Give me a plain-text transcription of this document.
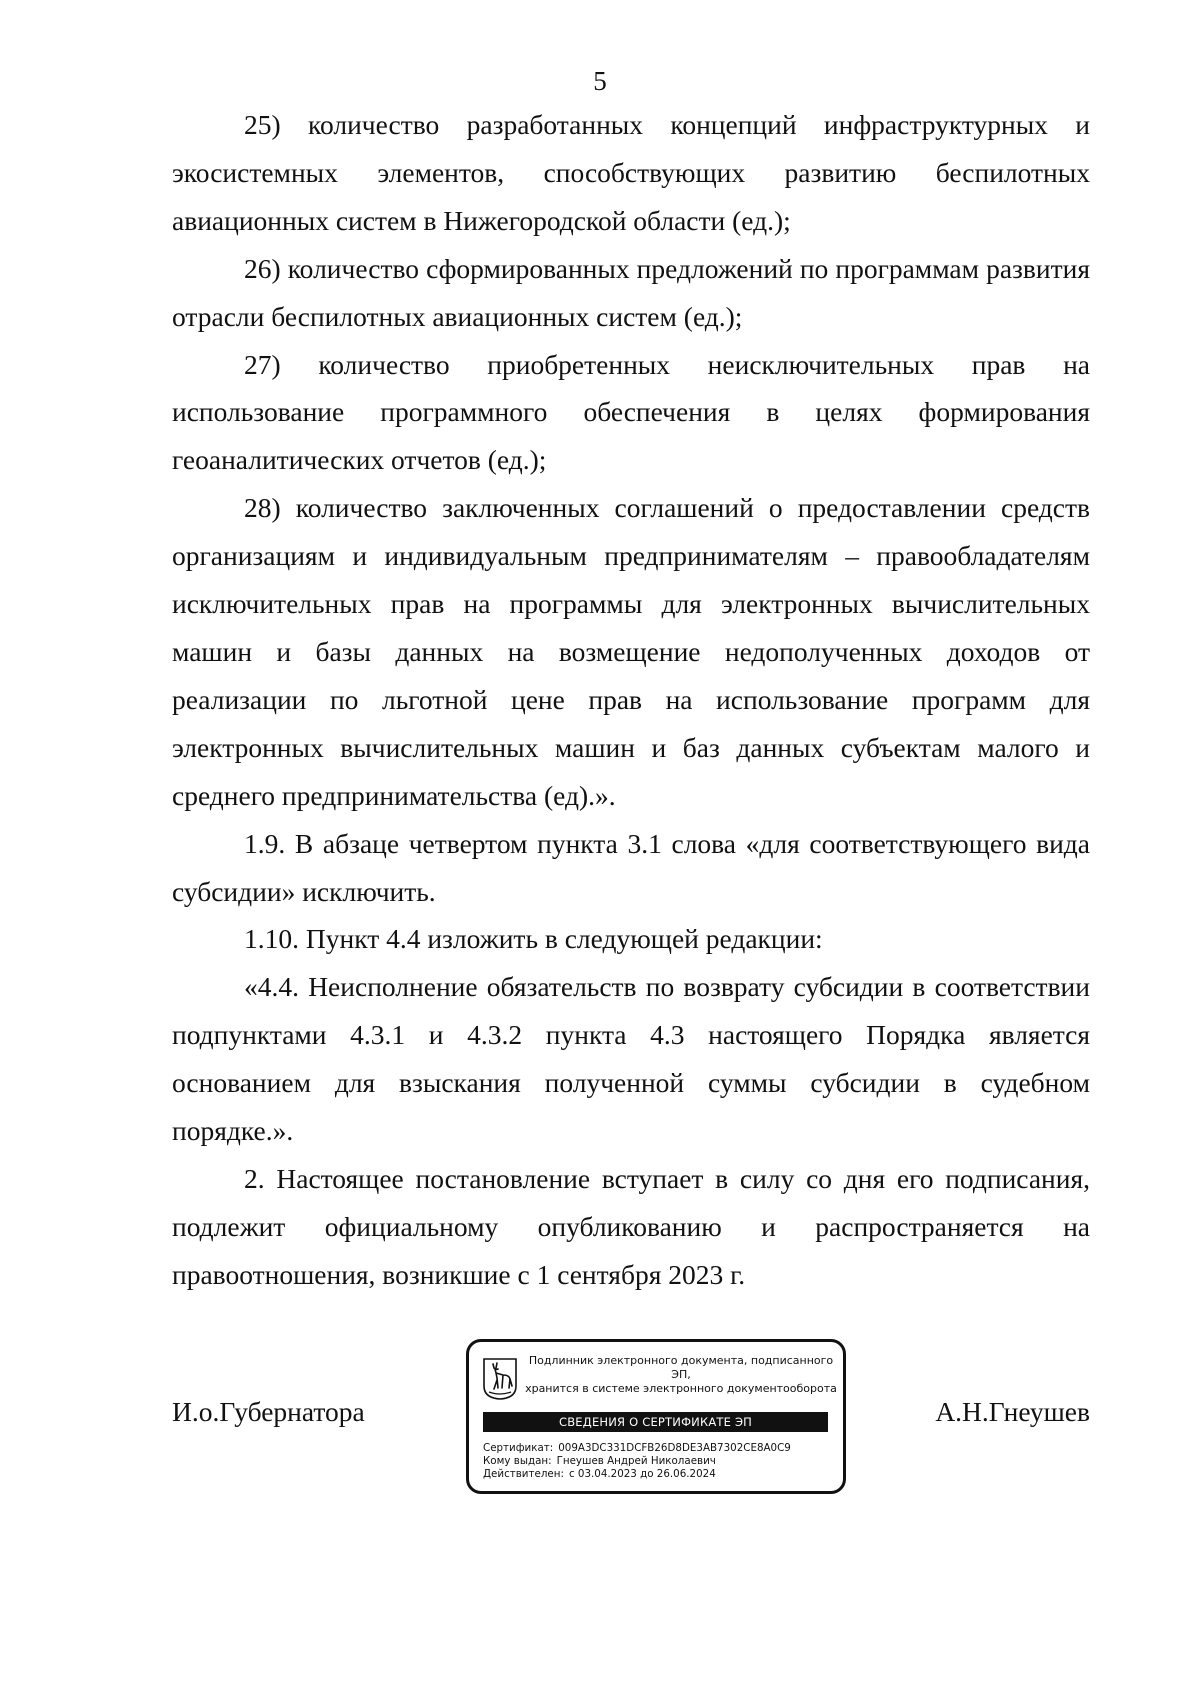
5

25) количество разработанных концепций инфраструктурных и экосистемных элементов, способствующих развитию беспилотных авиационных систем в Нижегородской области (ед.);

26) количество сформированных предложений по программам развития отрасли беспилотных авиационных систем (ед.);

27) количество приобретенных неисключительных прав на использование программного обеспечения в целях формирования геоаналитических отчетов (ед.);

28) количество заключенных соглашений о предоставлении средств организациям и индивидуальным предпринимателям – правообладателям исключительных прав на программы для электронных вычислительных машин и базы данных на возмещение недополученных доходов от реализации по льготной цене прав на использование программ для электронных вычислительных машин и баз данных субъектам малого и среднего предпринимательства (ед).».

1.9. В абзаце четвертом пункта 3.1 слова «для соответствующего вида субсидии» исключить.

1.10. Пункт 4.4 изложить в следующей редакции:

«4.4. Неисполнение обязательств по возврату субсидии в соответствии подпунктами 4.3.1 и 4.3.2 пункта 4.3 настоящего Порядка является основанием для взыскания полученной суммы субсидии в судебном порядке.».

2. Настоящее постановление вступает в силу со дня его подписания, подлежит официальному опубликованию и распространяется на правоотношения, возникшие с 1 сентября 2023 г.

И.о.Губернатора	А.Н.Гнеушев
Подлинник электронного документа, подписанного ЭП,
хранится в системе электронного документооборота
СВЕДЕНИЯ О СЕРТИФИКАТЕ ЭП
Сертификат: 009A3DC331DCFB26D8DE3AB7302CE8A0C9
Кому выдан: Гнеушев Андрей Николаевич
Действителен: с 03.04.2023 до 26.06.2024
